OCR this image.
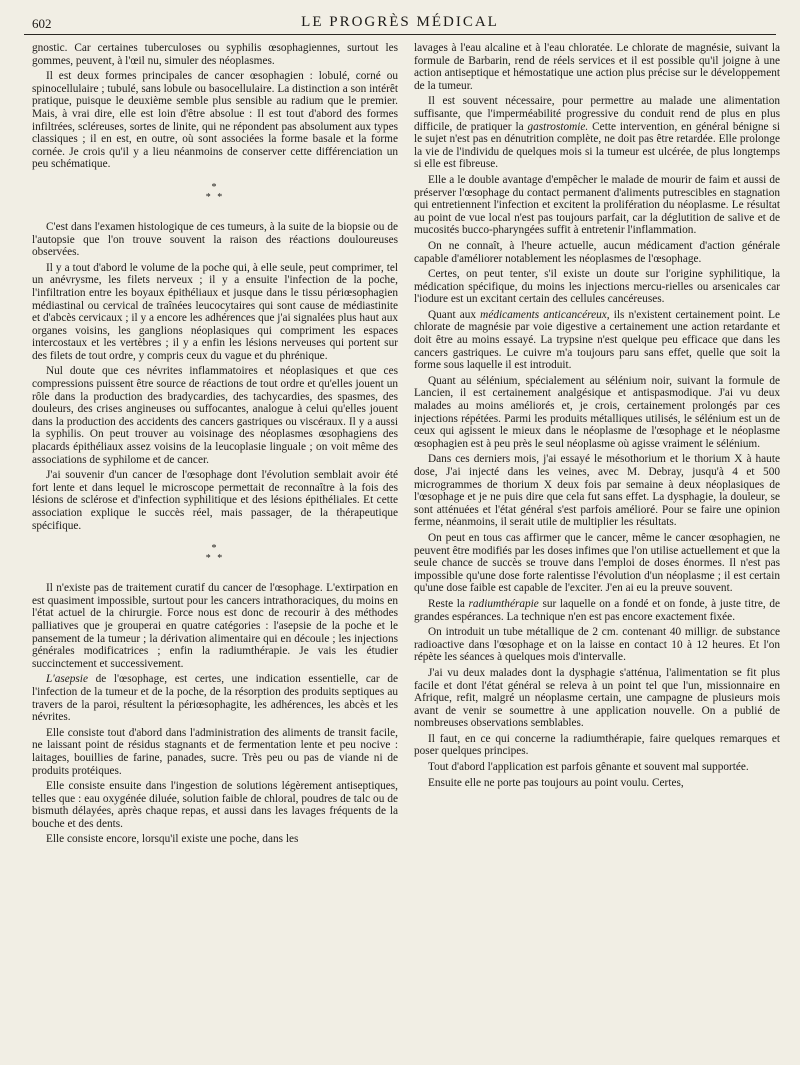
602	LE PROGRÈS MÉDICAL

gnostic. Car certaines tuberculoses ou syphilis œsophagiennes, surtout les gommes, peuvent, à l'œil nu, simuler des néoplasmes.

Il est deux formes principales de cancer œsophagien : lobulé, corné ou spinocellulaire ; tubulé, sans lobule ou basocellulaire. La distinction a son intérêt pratique, puisque le deuxième semble plus sensible au radium que le premier. Mais, à vrai dire, elle est loin d'être absolue : Il est tout d'abord des formes infiltrées, scléreuses, sortes de linite, qui ne répondent pas absolument aux types classiques ; il en est, en outre, où sont associées la forme basale et la forme cornée. Je crois qu'il y a lieu néanmoins de conserver cette différenciation un peu schématique.

*
* *

C'est dans l'examen histologique de ces tumeurs, à la suite de la biopsie ou de l'autopsie que l'on trouve souvent la raison des réactions douloureuses observées.

Il y a tout d'abord le volume de la poche qui, à elle seule, peut comprimer, tel un anévrysme, les filets nerveux ; il y a ensuite l'infection de la poche, l'infiltration entre les boyaux épithéliaux et jusque dans le tissu périœsophagien médiastinal ou cervical de traînées leucocytaires qui sont cause de médiastinite et d'abcès cervicaux ; il y a encore les adhérences que j'ai signalées plus haut aux organes voisins, les ganglions néoplasiques qui compriment les espaces intercostaux et les vertèbres ; il y a enfin les lésions nerveuses qui portent sur des filets de tout ordre, y compris ceux du vague et du phrénique.

Nul doute que ces névrites inflammatoires et néoplasiques et que ces compressions puissent être source de réactions de tout ordre et qu'elles jouent un rôle dans la production des bradycardies, des tachycardies, des spasmes, des douleurs, des crises angineuses ou suffocantes, analogue à celui qu'elles jouent dans la production des accidents des cancers gastriques ou viscéraux. Il y a aussi la syphilis. On peut trouver au voisinage des néoplasmes œsophagiens des placards épithéliaux assez voisins de la leucoplasie linguale ; on voit même des associations de syphilome et de cancer.

J'ai souvenir d'un cancer de l'œsophage dont l'évolution semblait avoir été fort lente et dans lequel le microscope permettait de reconnaître à la fois des lésions de sclérose et d'infection syphilitique et des lésions épithéliales. Et cette association explique le succès réel, mais passager, de la thérapeutique spécifique.

*
* *

Il n'existe pas de traitement curatif du cancer de l'œsophage. L'extirpation en est quasiment impossible, surtout pour les cancers intrathoraciques, du moins en l'état actuel de la chirurgie. Force nous est donc de recourir à des méthodes palliatives que je grouperai en quatre catégories : l'asepsie de la poche et le pansement de la tumeur ; la dérivation alimentaire qui en découle ; les injections générales modificatrices ; enfin la radiumthérapie. Je vais les étudier succinctement et successivement.

L'asepsie de l'œsophage, est certes, une indication essentielle, car de l'infection de la tumeur et de la poche, de la résorption des produits septiques au travers de la paroi, résultent la périœsophagite, les adhérences, les abcès et les névrites.

Elle consiste tout d'abord dans l'administration des aliments de transit facile, ne laissant point de résidus stagnants et de fermentation lente et peu nocive : laitages, bouillies de farine, panades, sucre. Très peu ou pas de viande ni de produits protéiques.

Elle consiste ensuite dans l'ingestion de solutions légèrement antiseptiques, telles que : eau oxygénée diluée, solution faible de chloral, poudres de talc ou de bismuth délayées, après chaque repas, et aussi dans les lavages fréquents de la bouche et des dents.

Elle consiste encore, lorsqu'il existe une poche, dans les

lavages à l'eau alcaline et à l'eau chloratée. Le chlorate de magnésie, suivant la formule de Barbarin, rend de réels services et il est possible qu'il joigne à une action antiseptique et hémostatique une action plus précise sur le développement de la tumeur.

Il est souvent nécessaire, pour permettre au malade une alimentation suffisante, que l'imperméabilité progressive du conduit rend de plus en plus difficile, de pratiquer la gastrostomie. Cette intervention, en général bénigne si le sujet n'est pas en dénutrition complète, ne doit pas être retardée. Elle prolonge la vie de l'individu de quelques mois si la tumeur est ulcérée, de plus longtemps si elle est fibreuse.

Elle a le double avantage d'empêcher le malade de mourir de faim et aussi de préserver l'œsophage du contact permanent d'aliments putrescibles en stagnation qui entretiennent l'infection et excitent la prolifération du néoplasme. Le résultat au point de vue local n'est pas toujours parfait, car la déglutition de salive et de mucosités bucco-pharyngées suffit à entretenir l'inflammation.

On ne connaît, à l'heure actuelle, aucun médicament d'action générale capable d'améliorer notablement les néoplasmes de l'œsophage.

Certes, on peut tenter, s'il existe un doute sur l'origine syphilitique, la médication spécifique, du moins les injections mercu-rielles ou arsenicales car l'iodure est un excitant certain des cellules cancéreuses.

Quant aux médicaments anticancéreux, ils n'existent certainement point. Le chlorate de magnésie par voie digestive a certainement une action retardante et doit être au moins essayé. La trypsine n'est quelque peu efficace que dans les cancers gastriques. Le cuivre m'a toujours paru sans effet, quelle que soit la forme sous laquelle il est introduit.

Quant au sélénium, spécialement au sélénium noir, suivant la formule de Lancien, il est certainement analgésique et antispasmodique. J'ai vu deux malades au moins améliorés et, je crois, certainement prolongés par ces injections répétées. Parmi les produits métalliques utilisés, le sélénium est un de ceux qui agissent le mieux dans le néoplasme de l'œsophage et le néoplasme œsophagien est à peu près le seul néoplasme où agisse vraiment le sélénium.

Dans ces derniers mois, j'ai essayé le mésothorium et le thorium X à haute dose, J'ai injecté dans les veines, avec M. Debray, jusqu'à 4 et 500 microgrammes de thorium X deux fois par semaine à deux néoplasiques de l'œsophage et je ne puis dire que cela fut sans effet. La dysphagie, la douleur, se sont atténuées et l'état général s'est parfois amélioré. Pour se faire une opinion ferme, néanmoins, il serait utile de multiplier les résultats.

On peut en tous cas affirmer que le cancer, même le cancer œsophagien, ne peuvent être modifiés par les doses infimes que l'on utilise actuellement et que la seule chance de succès se trouve dans l'emploi de doses énormes. Il n'est pas impossible qu'une dose forte ralentisse l'évolution d'un néoplasme ; il est certain qu'une dose faible est capable de l'exciter. J'en ai eu la preuve souvent.

Reste la radiumthérapie sur laquelle on a fondé et on fonde, à juste titre, de grandes espérances. La technique n'en est pas encore exactement fixée.

On introduit un tube métallique de 2 cm. contenant 40 milligr. de substance radioactive dans l'œsophage et on la laisse en contact 10 à 12 heures. Et l'on répète les séances à quelques mois d'intervalle.

J'ai vu deux malades dont la dysphagie s'atténua, l'alimentation se fit plus facile et dont l'état général se releva à un point tel que l'un, missionnaire en Afrique, refit, malgré un néoplasme certain, une campagne de plusieurs mois avant de venir se soumettre à une application nouvelle. On a publié de nombreuses observations semblables.

Il faut, en ce qui concerne la radiumthérapie, faire quelques remarques et poser quelques principes.

Tout d'abord l'application est parfois gênante et souvent mal supportée.

Ensuite elle ne porte pas toujours au point voulu. Certes,
